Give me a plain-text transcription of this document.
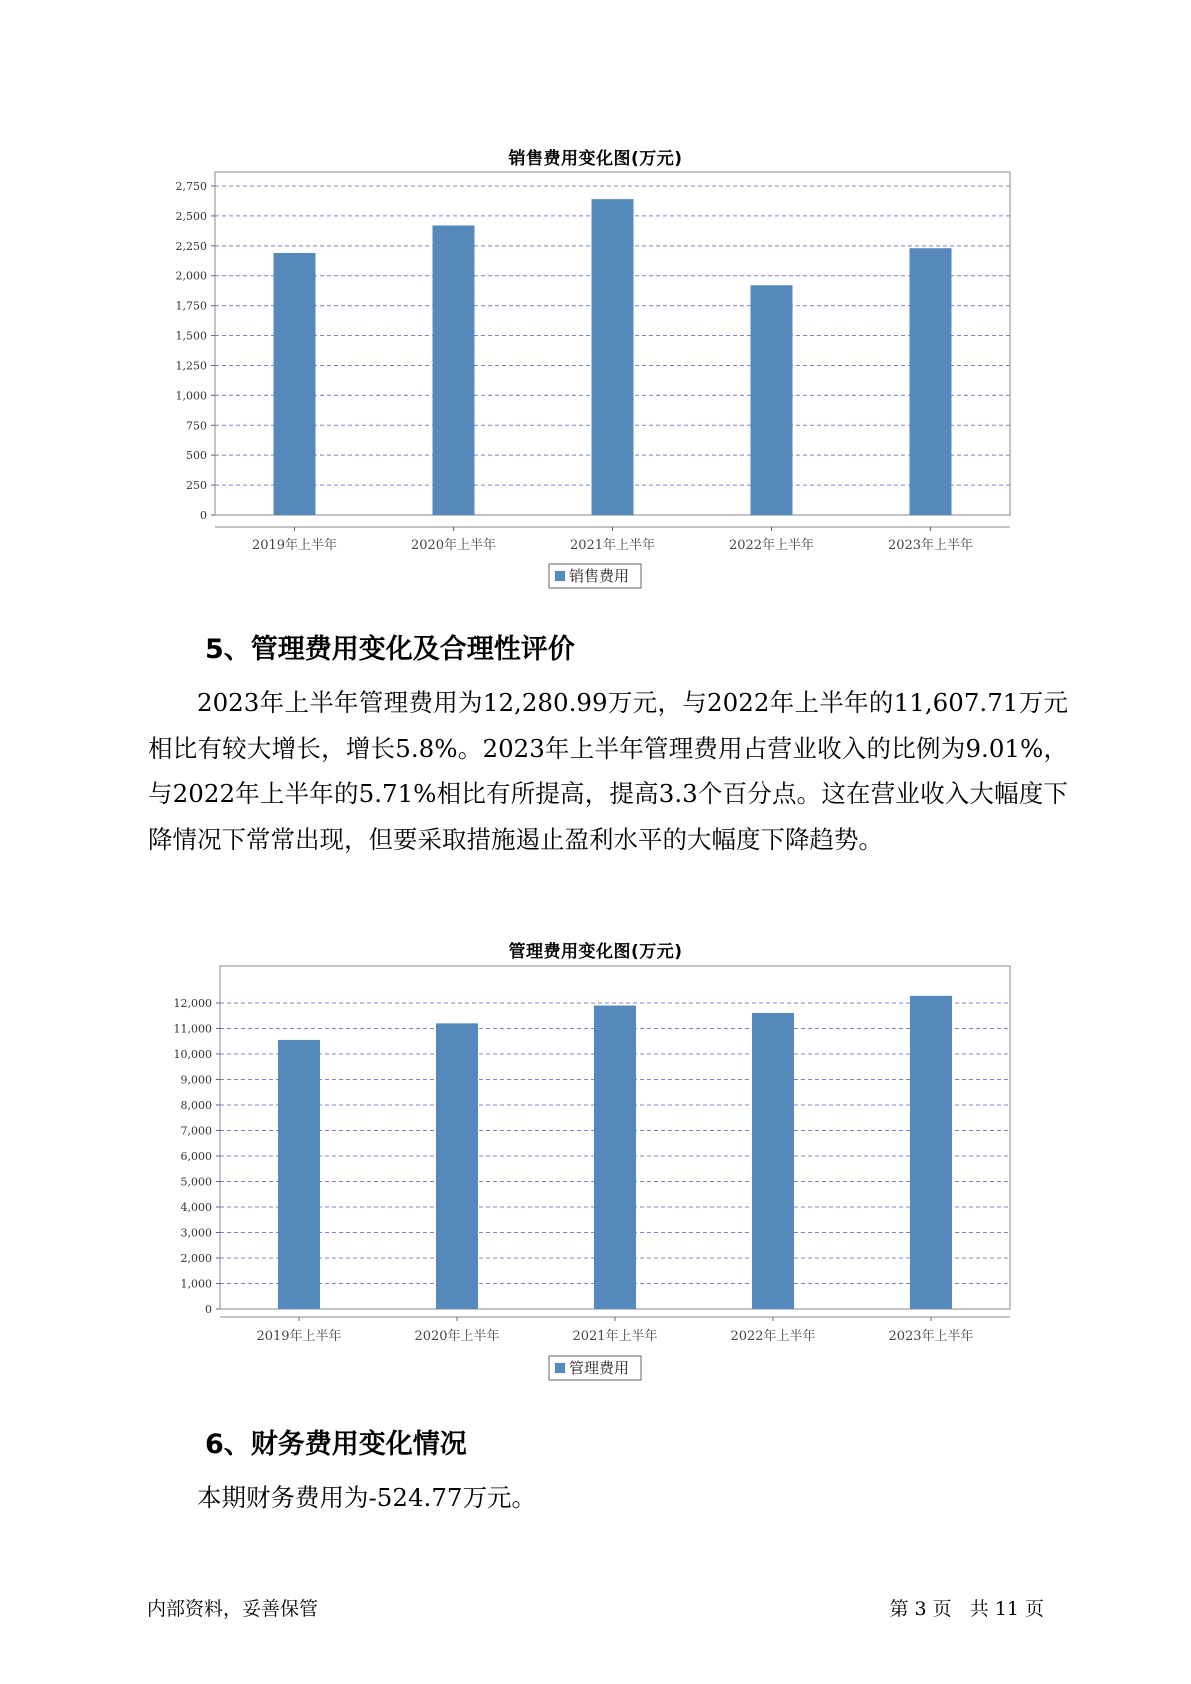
销售费用变化图(万元)
0
250
500
750
1,000
1,250
1,500
1,750
2,000
2,250
2,500
2,750
2019年上半年	2020年上半年	2021年上半年	2022年上半年	2023年上半年
销售费用
5、管理费用变化及合理性评价
2023年上半年管理费用为12,280.99万元，与2022年上半年的11,607.71万元相比有较大增长，增长5.8%。2023年上半年管理费用占营业收入的比例为9.01%，与2022年上半年的5.71%相比有所提高，提高3.3个百分点。这在营业收入大幅度下降情况下常常出现，但要采取措施遏止盈利水平的大幅度下降趋势。
管理费用变化图(万元)
0
1,000
2,000
3,000
4,000
5,000
6,000
7,000
8,000
9,000
10,000
11,000
12,000
2019年上半年	2020年上半年	2021年上半年	2022年上半年	2023年上半年
管理费用
6、财务费用变化情况
本期财务费用为-524.77万元。
内部资料，妥善保管	第 3 页   共 11 页
